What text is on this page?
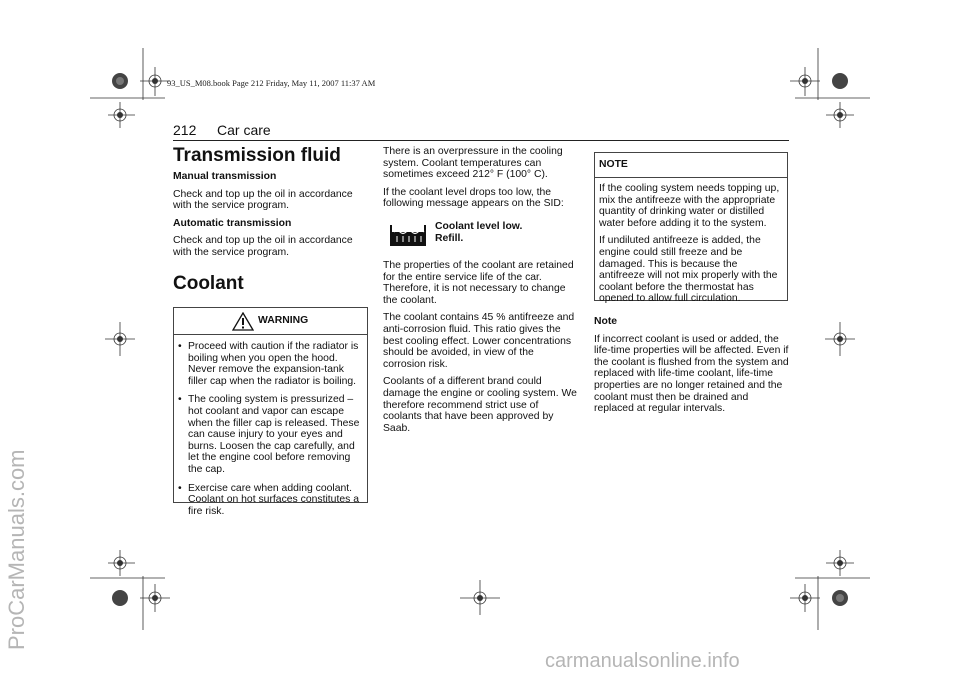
ProCarManuals.com
carmanualsonline.info
93_US_M08.book Page 212 Friday, May 11, 2007 11:37 AM
212 Car care
Transmission fluid

Manual transmission

Check and top up the oil in accordance with the service program.

Automatic transmission

Check and top up the oil in accordance with the service program.

Coolant
WARNING
• Proceed with caution if the radiator is boiling when you open the hood. Never remove the expansion-tank filler cap when the radiator is boiling.
• The cooling system is pressurized – hot coolant and vapor can escape when the filler cap is released. These can cause injury to your eyes and burns. Loosen the cap carefully, and let the engine cool before removing the cap.
• Exercise care when adding coolant. Coolant on hot surfaces constitutes a fire risk.

There is an overpressure in the cooling system. Coolant temperatures can sometimes exceed 212° F (100° C).

If the coolant level drops too low, the following message appears on the SID:

Coolant level low.
Refill.

The properties of the coolant are retained for the entire service life of the car. Therefore, it is not necessary to change the coolant.

The coolant contains 45 % antifreeze and anti-corrosion fluid. This ratio gives the best cooling effect. Lower concentrations should be avoided, in view of the corrosion risk.

Coolants of a different brand could damage the engine or cooling system. We therefore recommend strict use of coolants that have been approved by Saab.

NOTE

If the cooling system needs topping up, mix the antifreeze with the appropriate quantity of drinking water or distilled water before adding it to the system.

If undiluted antifreeze is added, the engine could still freeze and be damaged. This is because the antifreeze will not mix properly with the coolant before the thermostat has opened to allow full circulation.

Note

If incorrect coolant is used or added, the life-time properties will be affected. Even if the coolant is flushed from the system and replaced with life-time coolant, life-time properties are no longer retained and the coolant must then be drained and replaced at regular intervals.
